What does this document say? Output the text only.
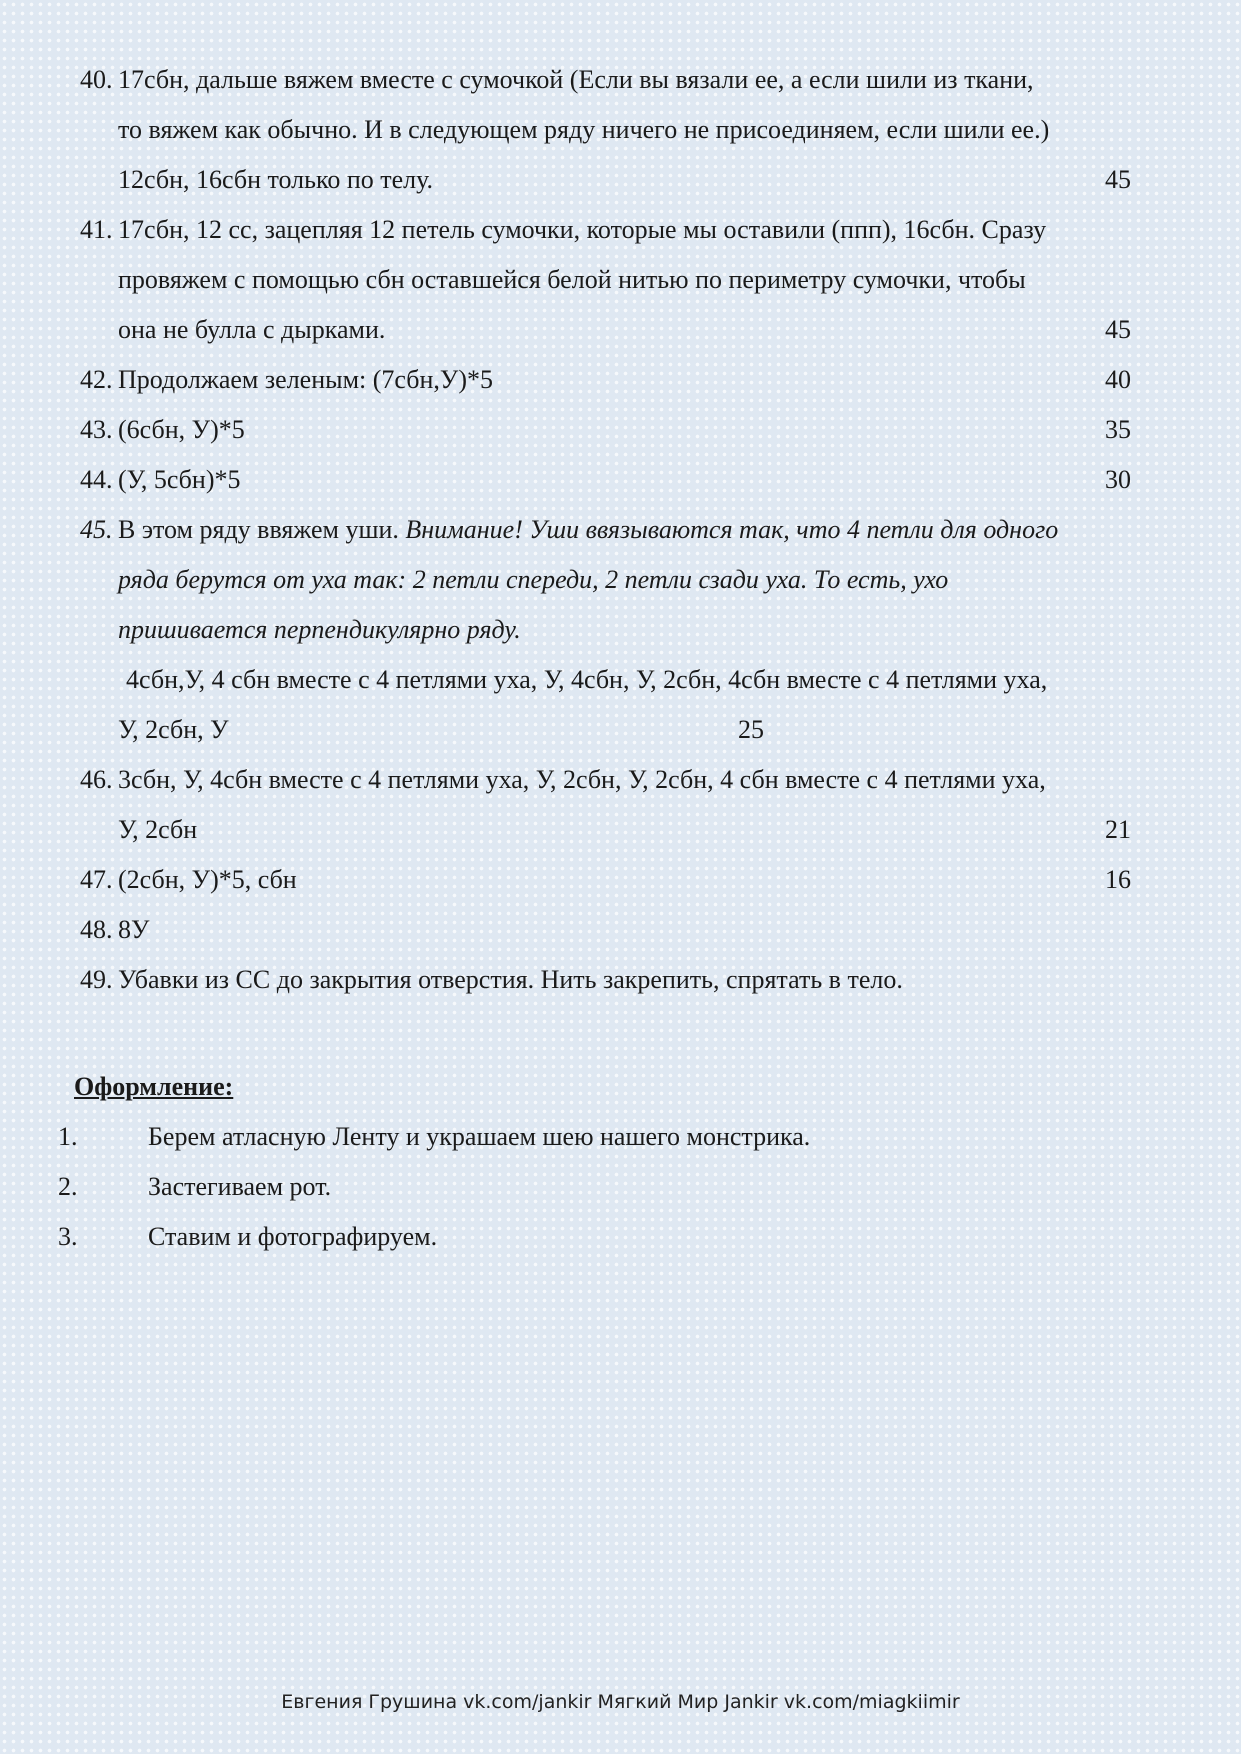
40. 17сбн, дальше вяжем вместе с сумочкой (Если вы вязали ее, а если шили из ткани,
то вяжем как обычно. И в следующем ряду ничего не присоединяем, если шили ее.)
12сбн, 16сбн только по телу.	45
41. 17сбн, 12 сс, зацепляя 12 петель сумочки, которые мы оставили (ппп), 16сбн. Сразу
провяжем с помощью сбн оставшейся белой нитью по периметру сумочки, чтобы
она не булла с дырками.	45
42. Продолжаем зеленым: (7сбн,У)*5	40
43. (6сбн, У)*5	35
44. (У, 5сбн)*5	30
45. В этом ряду ввяжем уши. Внимание! Уши ввязываются так, что 4 петли для одного
ряда берутся от уха так: 2 петли спереди, 2 петли сзади уха. То есть, ухо
пришивается перпендикулярно ряду.
4сбн,У, 4 сбн вместе с 4 петлями уха, У, 4сбн, У, 2сбн, 4сбн вместе с 4 петлями уха,
У, 2сбн, У	25
46. 3сбн, У, 4сбн вместе с 4 петлями уха, У, 2сбн, У, 2сбн, 4 сбн вместе с 4 петлями уха,
У, 2сбн	21
47. (2сбн, У)*5, сбн	16
48. 8У
49. Убавки из СС до закрытия отверстия. Нить закрепить, спрятать в тело.
Оформление:
1.	Берем атласную Ленту и украшаем шею нашего монстрика.
2.	Застегиваем рот.
3.	Ставим и фотографируем.
Евгения Грушина vk.com/jankir Мягкий Мир Jankir vk.com/miagkiimir
